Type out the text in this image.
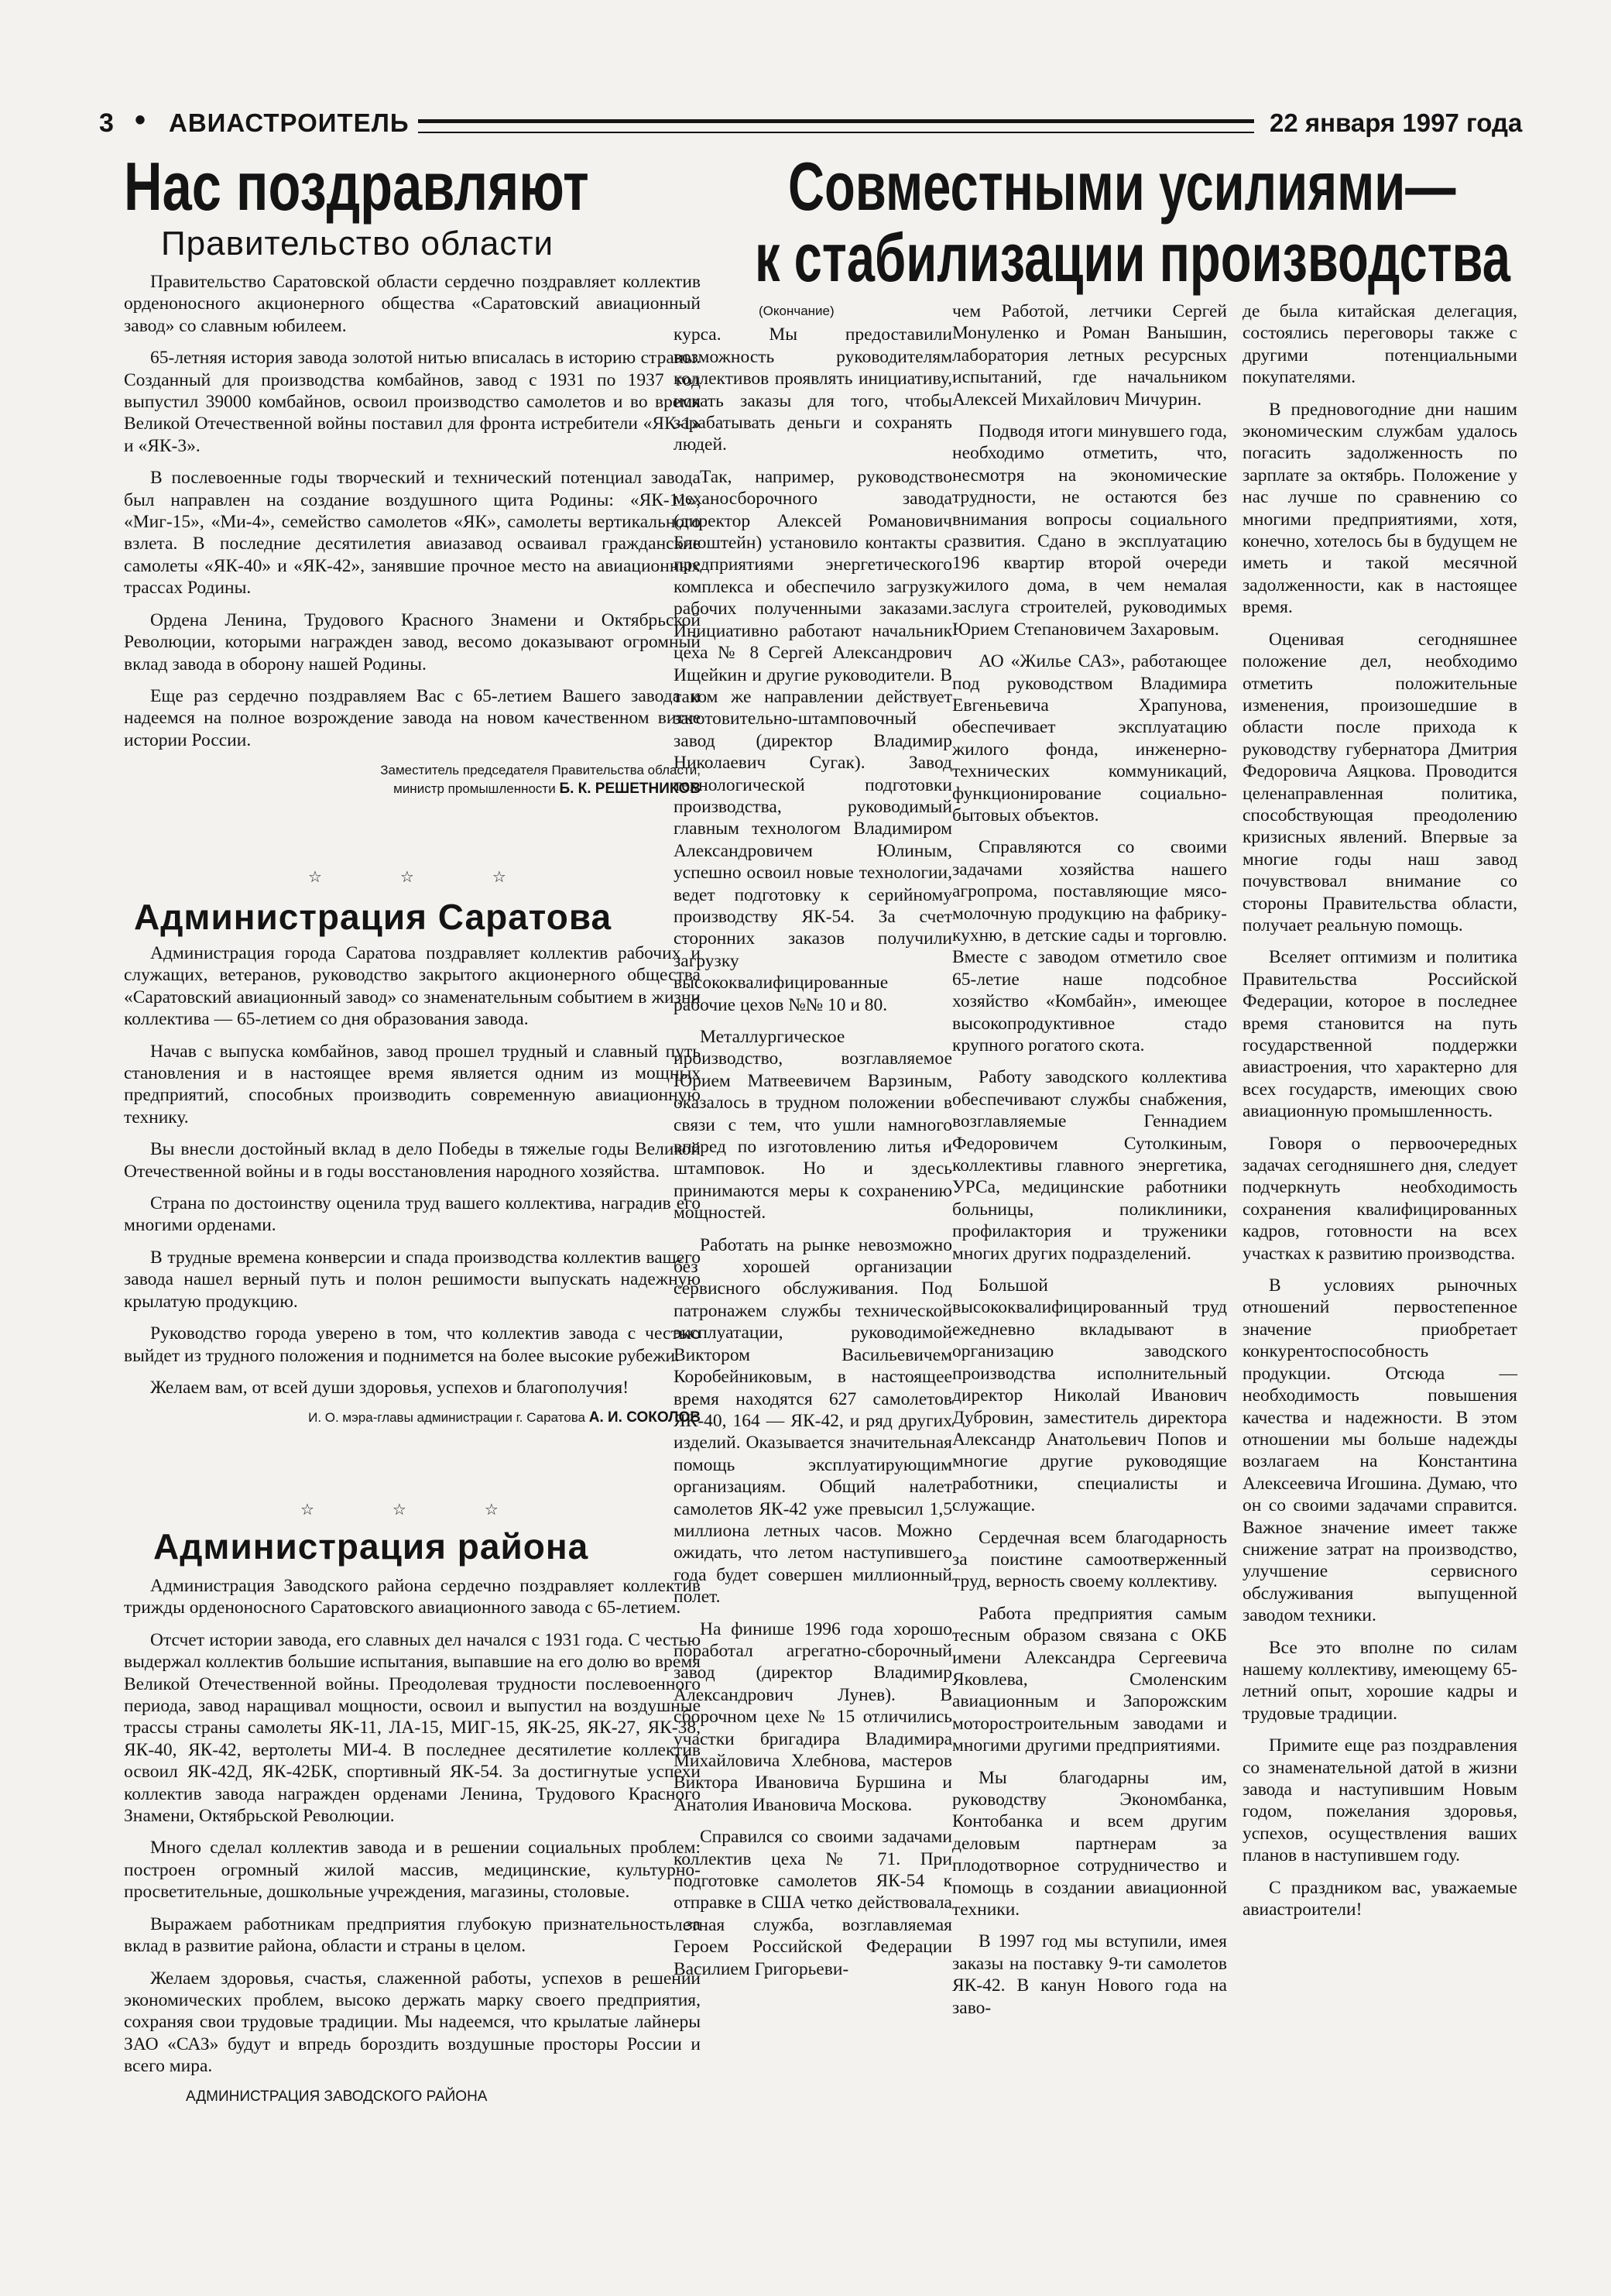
3 • АВИАСТРОИТЕЛЬ	22 января 1997 года
Нас поздравляют	Совместными усилиями—
к стабилизации производства
Правительство области

Правительство Саратовской области сердечно поздравляет коллектив орденоносного акционерного общества «Саратовский авиационный завод» со славным юбилеем.

65-летняя история завода золотой нитью вписалась в историю страны. Созданный для производства комбайнов, завод с 1931 по 1937 год выпустил 39000 комбайнов, освоил производство самолетов и во время Великой Отечественной войны поставил для фронта истребители «ЯК-1» и «ЯК-3».

В послевоенные годы творческий и технический потенциал завода был направлен на создание воздушного щита Родины: «ЯК-11», «Миг-15», «Ми-4», семейство самолетов «ЯК», самолеты вертикального взлета. В последние десятилетия авиазавод осваивал гражданские самолеты «ЯК-40» и «ЯК-42», занявшие прочное место на авиационных трассах Родины.

Ордена Ленина, Трудового Красного Знамени и Октябрьской Революции, которыми награжден завод, весомо доказывают огромный вклад завода в оборону нашей Родины.

Еще раз сердечно поздравляем Вас с 65-летием Вашего завода и надеемся на полное возрождение завода на новом качественном витке истории России.

Заместитель председателя Правительства области,

министр промышленности Б. К. РЕШЕТНИКОВ

☆ ☆ ☆
Администрация Саратова

Администрация города Саратова поздравляет коллектив рабочих и служащих, ветеранов, руководство закрытого акционерного общества «Саратовский авиационный завод» со знаменательным событием в жизни коллектива — 65-летием со дня образования завода.

Начав с выпуска комбайнов, завод прошел трудный и славный путь становления и в настоящее время является одним из мощных предприятий, способных производить современную авиационную технику.

Вы внесли достойный вклад в дело Победы в тяжелые годы Великой Отечественной войны и в годы восстановления народного хозяйства.

Страна по достоинству оценила труд вашего коллектива, наградив его многими орденами.

В трудные времена конверсии и спада производства коллектив вашего завода нашел верный путь и полон решимости выпускать надежную крылатую продукцию.

Руководство города уверено в том, что коллектив завода с честью выйдет из трудного положения и поднимется на более высокие рубежи.

Желаем вам, от всей души здоровья, успехов и благополучия!

И. О. мэра-главы администрации г. Саратова А. И. СОКОЛОВ

☆ ☆ ☆
Администрация района

Администрация Заводского района сердечно поздравляет коллектив трижды орденоносного Саратовского авиационного завода с 65-летием.

Отсчет истории завода, его славных дел начался с 1931 года. С честью выдержал коллектив большие испытания, выпавшие на его долю во время Великой Отечественной войны. Преодолевая трудности послевоенного периода, завод наращивал мощности, освоил и выпустил на воздушные трассы страны самолеты ЯК-11, ЛА-15, МИГ-15, ЯК-25, ЯК-27, ЯК-38, ЯК-40, ЯК-42, вертолеты МИ-4. В последнее десятилетие коллектив освоил ЯК-42Д, ЯК-42БК, спортивный ЯК-54. За достигнутые успехи коллектив завода награжден орденами Ленина, Трудового Красного Знамени, Октябрьской Революции.

Много сделал коллектив завода и в решении социальных проблем: построен огромный жилой массив, медицинские, культурно-просветительные, дошкольные учреждения, магазины, столовые.

Выражаем работникам предприятия глубокую признательность за вклад в развитие района, области и страны в целом.

Желаем здоровья, счастья, слаженной работы, успехов в решении экономических проблем, высоко держать марку своего предприятия, сохраняя свои трудовые традиции. Мы надеемся, что крылатые лайнеры ЗАО «САЗ» будут и впредь бороздить воздушные просторы России и всего мира.

АДМИНИСТРАЦИЯ ЗАВОДСКОГО РАЙОНА

(Окончание)

курса. Мы предоставили возможность руководителям коллективов проявлять инициативу, искать заказы для того, чтобы зарабатывать деньги и сохранять людей.

Так, например, руководство механосборочного завода (директор Алексей Романович Блюштейн) установило контакты с предприятиями энергетического комплекса и обеспечило загрузку рабочих полученными заказами. Инициативно работают начальник цеха № 8 Сергей Александрович Ищейкин и другие руководители. В таком же направлении действует заготовительно-штамповочный завод (директор Владимир Николаевич Сугак). Завод технологической подготовки производства, руководимый главным технологом Владимиром Александровичем Юлиным, успешно освоил новые технологии, ведет подготовку к серийному производству ЯК-54. За счет сторонних заказов получили загрузку высококвалифицированные рабочие цехов №№ 10 и 80.

Металлургическое производство, возглавляемое Юрием Матвеевичем Варзиным, оказалось в трудном положении в связи с тем, что ушли намного вперед по изготовлению литья и штамповок. Но и здесь принимаются меры к сохранению мощностей.

Работать на рынке невозможно без хорошей организации сервисного обслуживания. Под патронажем службы технической эксплуатации, руководимой Виктором Васильевичем Коробейниковым, в настоящее время находятся 627 самолетов ЯК-40, 164 — ЯК-42, и ряд других изделий. Оказывается значительная помощь эксплуатирующим организациям. Общий налет самолетов ЯК-42 уже превысил 1,5 миллиона летных часов. Можно ожидать, что летом наступившего года будет совершен миллионный полет.

На финише 1996 года хорошо поработал агрегатно-сборочный завод (директор Владимир Александрович Лунев). В сборочном цехе № 15 отличились участки бригадира Владимира Михайловича Хлебнова, мастеров Виктора Ивановича Буршина и Анатолия Ивановича Москова.

Справился со своими задачами коллектив цеха № 71. При подготовке самолетов ЯК-54 к отправке в США четко действовала летная служба, возглавляемая Героем Российской Федерации Василием Григорьеви-

чем Работой, летчики Сергей Монуленко и Роман Ванышин, лаборатория летных ресурсных испытаний, где начальником Алексей Михайлович Мичурин.

Подводя итоги минувшего года, необходимо отметить, что, несмотря на экономические трудности, не остаются без внимания вопросы социального развития. Сдано в эксплуатацию 196 квартир второй очереди жилого дома, в чем немалая заслуга строителей, руководимых Юрием Степановичем Захаровым.

АО «Жилье САЗ», работающее под руководством Владимира Евгеньевича Храпунова, обеспечивает эксплуатацию жилого фонда, инженерно-технических коммуникаций, функционирование социально-бытовых объектов.

Справляются со своими задачами хозяйства нашего агропрома, поставляющие мясо-молочную продукцию на фабрику-кухню, в детские сады и торговлю. Вместе с заводом отметило свое 65-летие наше подсобное хозяйство «Комбайн», имеющее высокопродуктивное стадо крупного рогатого скота.

Работу заводского коллектива обеспечивают службы снабжения, возглавляемые Геннадием Федоровичем Сутолкиным, коллективы главного энергетика, УРСа, медицинские работники больницы, поликлиники, профилактория и труженики многих других подразделений.

Большой высококвалифицированный труд ежедневно вкладывают в организацию заводского производства исполнительный директор Николай Иванович Дубровин, заместитель директора Александр Анатольевич Попов и многие другие руководящие работники, специалисты и служащие.

Сердечная всем благодарность за поистине самоотверженный труд, верность своему коллективу.

Работа предприятия самым тесным образом связана с ОКБ имени Александра Сергеевича Яковлева, Смоленским авиационным и Запорожским моторостроительным заводами и многими другими предприятиями.

Мы благодарны им, руководству Экономбанка, Контобанка и всем другим деловым партнерам за плодотворное сотрудничество и помощь в создании авиационной техники.

В 1997 год мы вступили, имея заказы на поставку 9-ти самолетов ЯК-42. В канун Нового года на заво-

де была китайская делегация, состоялись переговоры также с другими потенциальными покупателями.

В предновогодние дни нашим экономическим службам удалось погасить задолженность по зарплате за октябрь. Положение у нас лучше по сравнению со многими предприятиями, хотя, конечно, хотелось бы в будущем не иметь и такой месячной задолженности, как в настоящее время.

Оценивая сегодняшнее положение дел, необходимо отметить положительные изменения, произошедшие в области после прихода к руководству губернатора Дмитрия Федоровича Аяцкова. Проводится целенаправленная политика, способствующая преодолению кризисных явлений. Впервые за многие годы наш завод почувствовал внимание со стороны Правительства области, получает реальную помощь.

Вселяет оптимизм и политика Правительства Российской Федерации, которое в последнее время становится на путь государственной поддержки авиастроения, что характерно для всех государств, имеющих свою авиационную промышленность.

Говоря о первоочередных задачах сегодняшнего дня, следует подчеркнуть необходимость сохранения квалифицированных кадров, готовности на всех участках к развитию производства.

В условиях рыночных отношений первостепенное значение приобретает конкурентоспособность продукции. Отсюда — необходимость повышения качества и надежности. В этом отношении мы больше надежды возлагаем на Константина Алексеевича Игошина. Думаю, что он со своими задачами справится. Важное значение имеет также снижение затрат на производство, улучшение сервисного обслуживания выпущенной заводом техники.

Все это вполне по силам нашему коллективу, имеющему 65-летний опыт, хорошие кадры и трудовые традиции.

Примите еще раз поздравления со знаменательной датой в жизни завода и наступившим Новым годом, пожелания здоровья, успехов, осуществления ваших планов в наступившем году.

С праздником вас, уважаемые авиастроители!
